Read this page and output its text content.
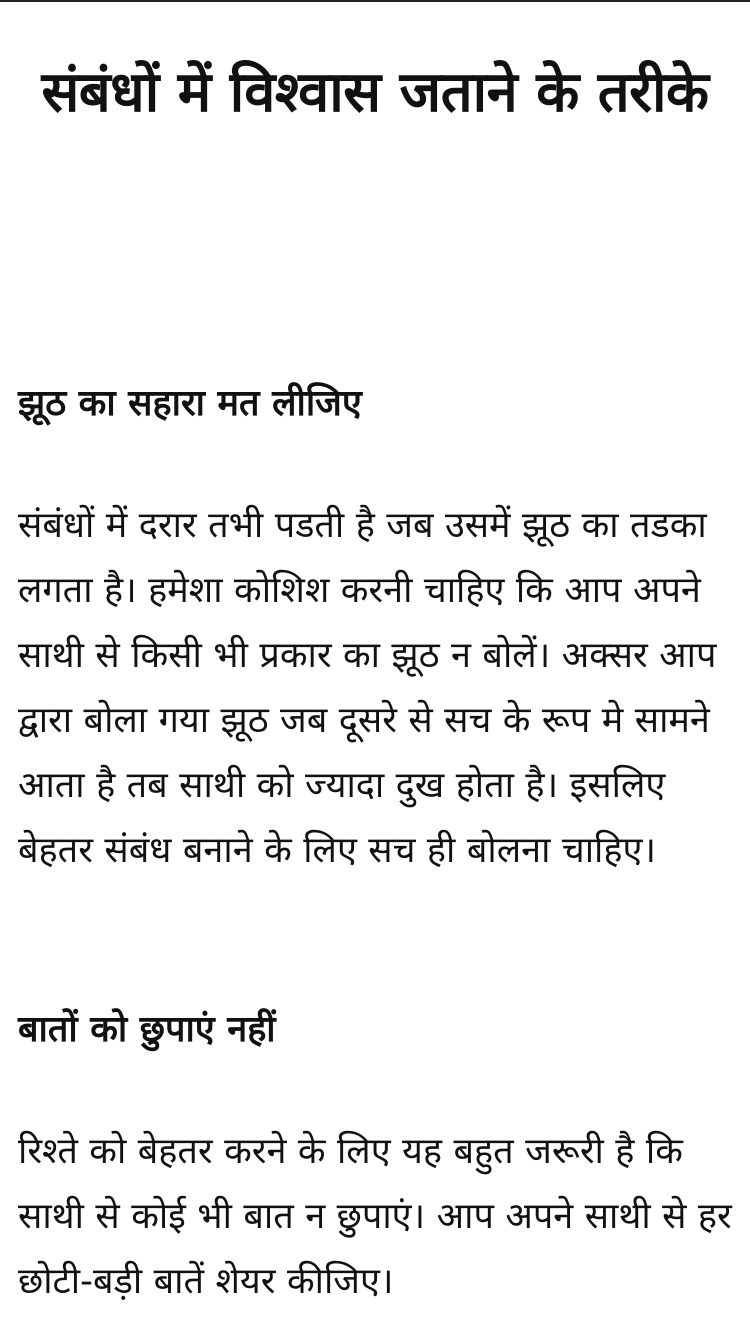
संबंधों में विश्वास जताने के तरीके
झूठ का सहारा मत लीजिए

संबंधों में दरार तभी पडती है जब उसमें झूठ का तडका लगता है। हमेशा कोशिश करनी चाहिए कि आप अपने साथी से किसी भी प्रकार का झूठ न बोलें। अक्सर आप द्वारा बोला गया झूठ जब दूसरे से सच के रूप मे सामने आता है तब साथी को ज्यादा दुख होता है। इसलिए बेहतर संबंध बनाने के लिए सच ही बोलना चाहिए।

बातों को छुपाएं नहीं

रिश्ते को बेहतर करने के लिए यह बहुत जरूरी है कि साथी से कोई भी बात न छुपाएं। आप अपने साथी से हर छोटी-बड़ी बातें शेयर कीजिए।
